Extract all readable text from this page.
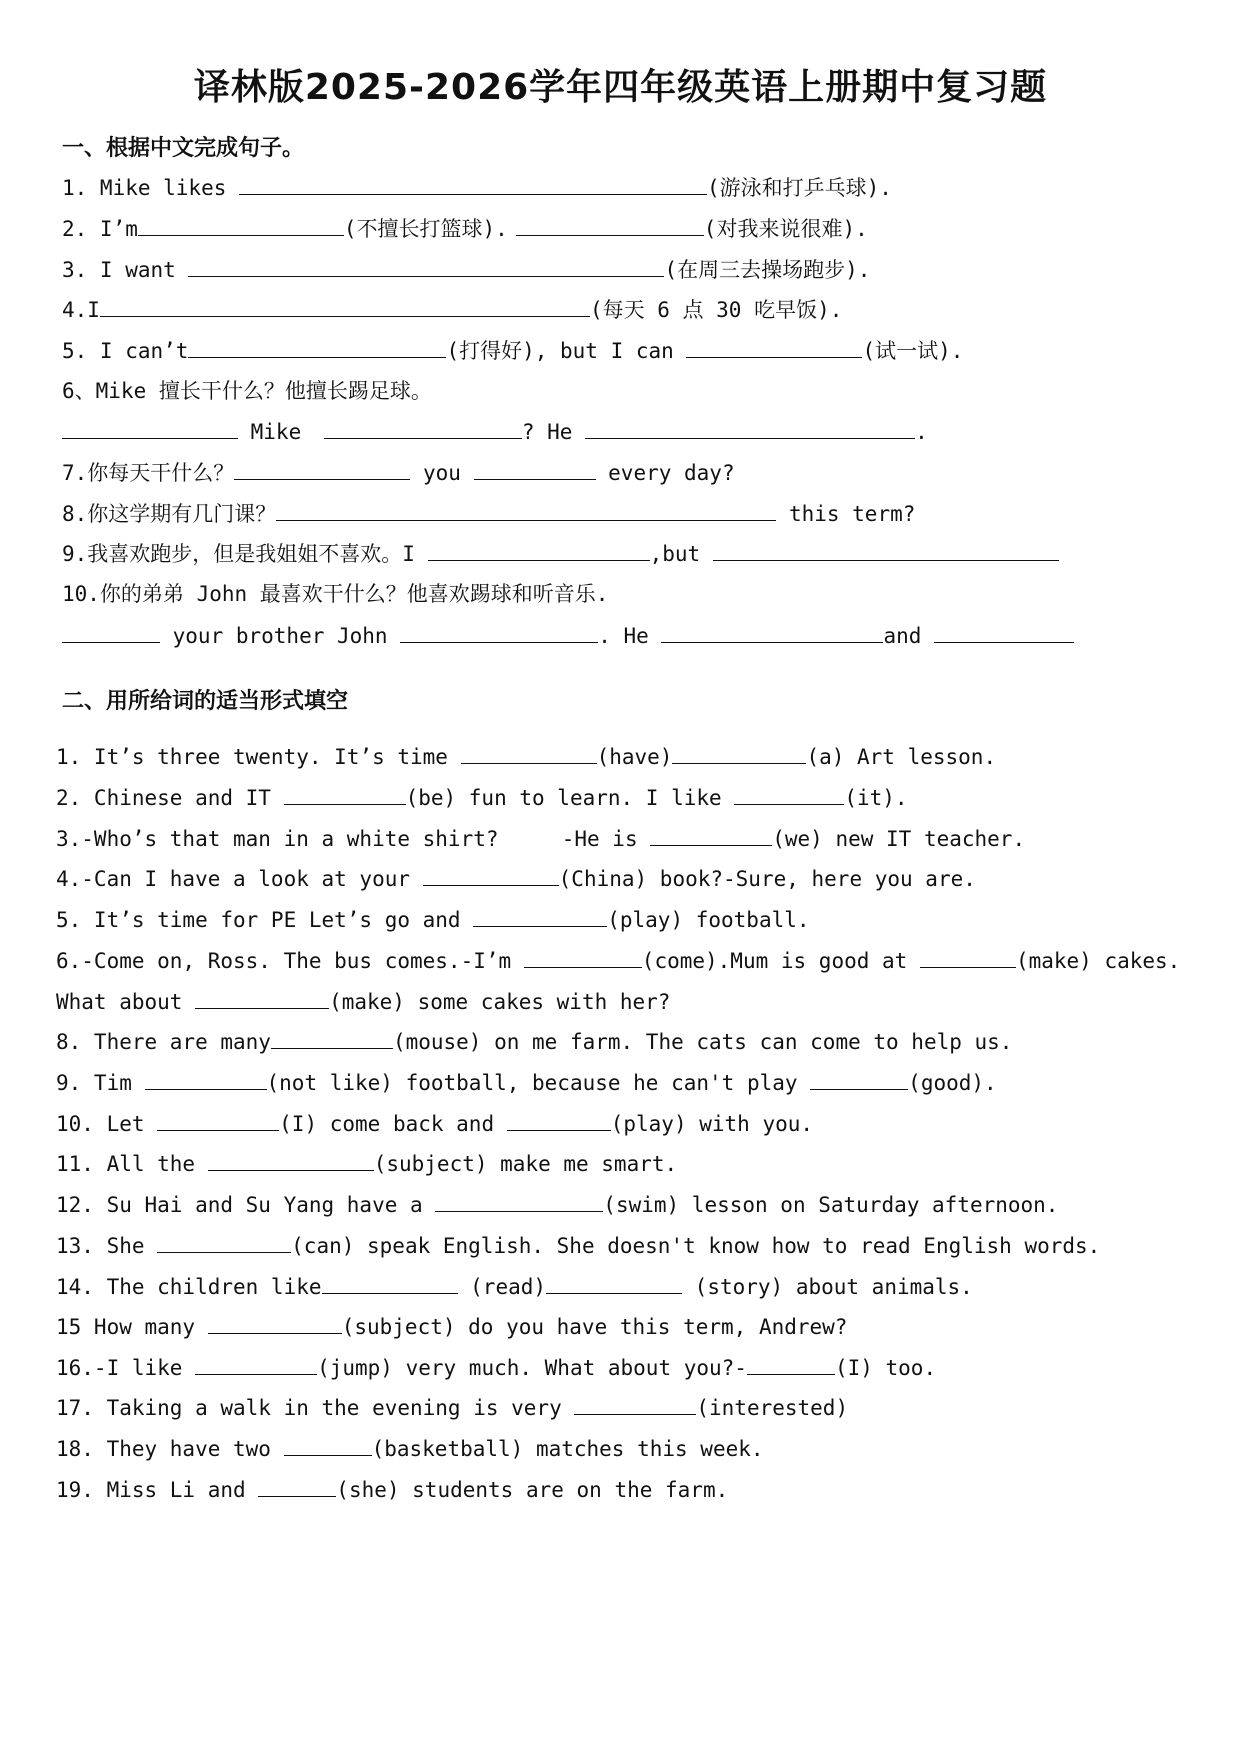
译林版2025-2026学年四年级英语上册期中复习题
一、根据中文完成句子。
1. Mike likes	(游泳和打乒乓球).
2. I’m	(不擅长打篮球).	(对我来说很难).
3. I want	(在周三去操场跑步).
4.I	(每天 6 点 30 吃早饭).
5. I can’t	(打得好), but I can	(试一试).
6、Mike 擅长干什么？他擅长踢足球。
Mike	? He	.
7.你每天干什么？	you	every day?
8.你这学期有几门课？	this term?
9.我喜欢跑步，但是我姐姐不喜欢。I	,but
10.你的弟弟 John 最喜欢干什么？他喜欢踢球和听音乐.
your brother John	. He	and
二、用所给词的适当形式填空
1. It’s three twenty. It’s time	(have)	(a) Art lesson.
2. Chinese and IT	(be) fun to learn. I like	(it).
3.-Who’s that man in a white shirt?     -He is	(we) new IT teacher.
4.-Can I have a look at your	(China) book?-Sure, here you are.
5. It’s time for PE Let’s go and	(play) football.
6.-Come on, Ross. The bus comes.-I’m	(come).Mum is good at	(make) cakes.
What about	(make) some cakes with her?
8. There are many	(mouse) on me farm. The cats can come to help us.
9. Tim	(not like) football, because he can't play	(good).
10. Let	(I) come back and	(play) with you.
11. All the	(subject) make me smart.
12. Su Hai and Su Yang have a	(swim) lesson on Saturday afternoon.
13. She	(can) speak English. She doesn't know how to read English words.
14. The children like	(read)	(story) about animals.
15 How many	(subject) do you have this term, Andrew?
16.-I like	(jump) very much. What about you?-	(I) too.
17. Taking a walk in the evening is very	(interested)
18. They have two	(basketball) matches this week.
19. Miss Li and	(she) students are on the farm.
